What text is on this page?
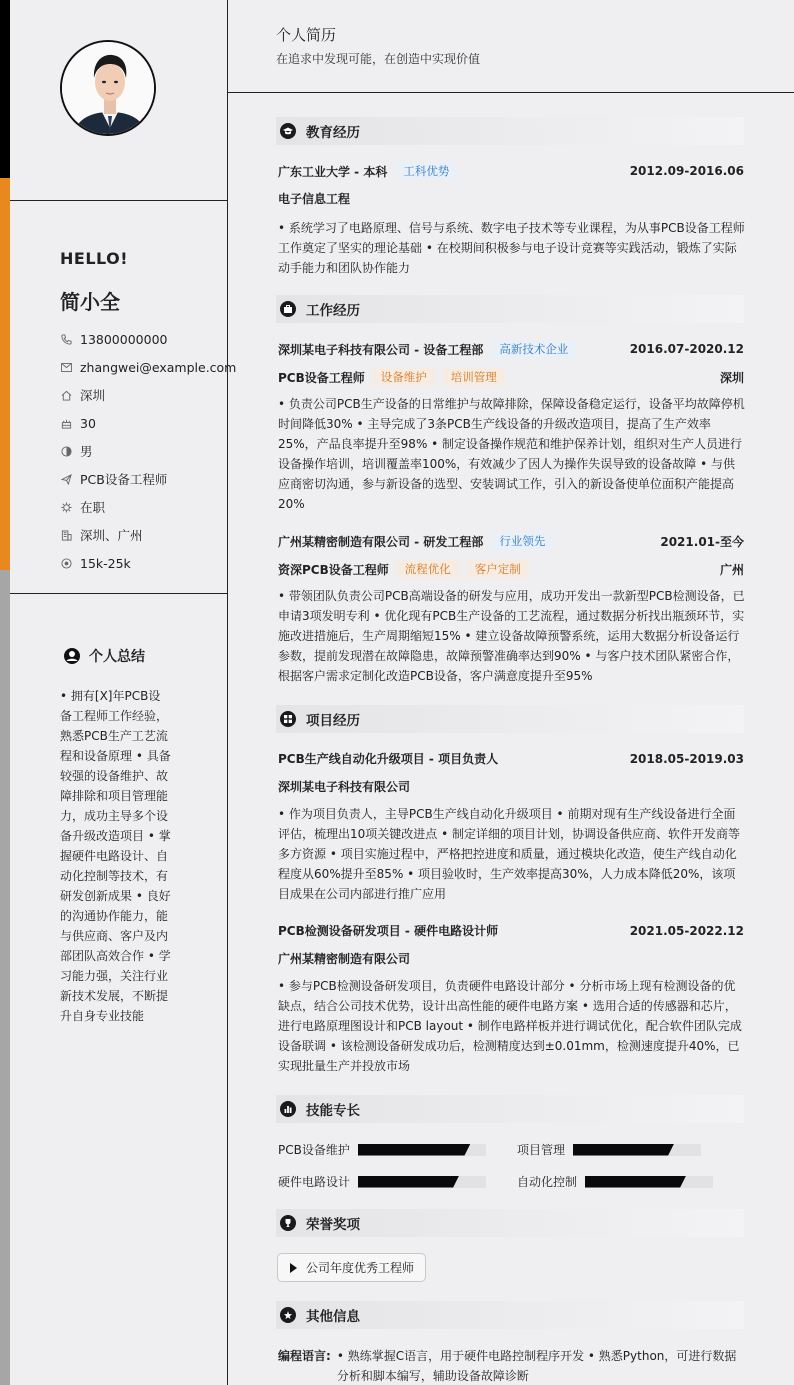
HELLO!
简小全
13800000000
zhangwei@example.com
深圳
30
男
PCB设备工程师
在职
深圳、广州
15k-25k
个人总结
• 拥有[X]年PCB设备工程师工作经验，熟悉PCB生产工艺流程和设备原理 • 具备较强的设备维护、故障排除和项目管理能力，成功主导多个设备升级改造项目 • 掌握硬件电路设计、自动化控制等技术，有研发创新成果 • 良好的沟通协作能力，能与供应商、客户及内部团队高效合作 • 学习能力强，关注行业新技术发展，不断提升自身专业技能
个人简历
在追求中发现可能，在创造中实现价值
教育经历
广东工业大学 - 本科	工科优势	2012.09-2016.06
电子信息工程
• 系统学习了电路原理、信号与系统、数字电子技术等专业课程，为从事PCB设备工程师工作奠定了坚实的理论基础 • 在校期间积极参与电子设计竞赛等实践活动，锻炼了实际动手能力和团队协作能力
工作经历
深圳某电子科技有限公司 - 设备工程部	高新技术企业	2016.07-2020.12
PCB设备工程师	设备维护	培训管理	深圳
• 负责公司PCB生产设备的日常维护与故障排除，保障设备稳定运行，设备平均故障停机时间降低30% • 主导完成了3条PCB生产线设备的升级改造项目，提高了生产效率25%，产品良率提升至98% • 制定设备操作规范和维护保养计划，组织对生产人员进行设备操作培训，培训覆盖率100%，有效减少了因人为操作失误导致的设备故障 • 与供应商密切沟通，参与新设备的选型、安装调试工作，引入的新设备使单位面积产能提高20%
广州某精密制造有限公司 - 研发工程部	行业领先	2021.01-至今
资深PCB设备工程师	流程优化	客户定制	广州
• 带领团队负责公司PCB高端设备的研发与应用，成功开发出一款新型PCB检测设备，已申请3项发明专利 • 优化现有PCB生产设备的工艺流程，通过数据分析找出瓶颈环节，实施改进措施后，生产周期缩短15% • 建立设备故障预警系统，运用大数据分析设备运行参数，提前发现潜在故障隐患，故障预警准确率达到90% • 与客户技术团队紧密合作，根据客户需求定制化改造PCB设备，客户满意度提升至95%
项目经历
PCB生产线自动化升级项目 - 项目负责人	2018.05-2019.03
深圳某电子科技有限公司
• 作为项目负责人，主导PCB生产线自动化升级项目 • 前期对现有生产线设备进行全面评估，梳理出10项关键改进点 • 制定详细的项目计划，协调设备供应商、软件开发商等多方资源 • 项目实施过程中，严格把控进度和质量，通过模块化改造，使生产线自动化程度从60%提升至85% • 项目验收时，生产效率提高30%，人力成本降低20%，该项目成果在公司内部进行推广应用
PCB检测设备研发项目 - 硬件电路设计师	2021.05-2022.12
广州某精密制造有限公司
• 参与PCB检测设备研发项目，负责硬件电路设计部分 • 分析市场上现有检测设备的优缺点，结合公司技术优势，设计出高性能的硬件电路方案 • 选用合适的传感器和芯片，进行电路原理图设计和PCB layout • 制作电路样板并进行调试优化，配合软件团队完成设备联调 • 该检测设备研发成功后，检测精度达到±0.01mm，检测速度提升40%，已实现批量生产并投放市场
技能专长
PCB设备维护	项目管理
硬件电路设计	自动化控制
荣誉奖项
公司年度优秀工程师
其他信息
编程语言: • 熟练掌握C语言，用于硬件电路控制程序开发 • 熟悉Python，可进行数据分析和脚本编写，辅助设备故障诊断
